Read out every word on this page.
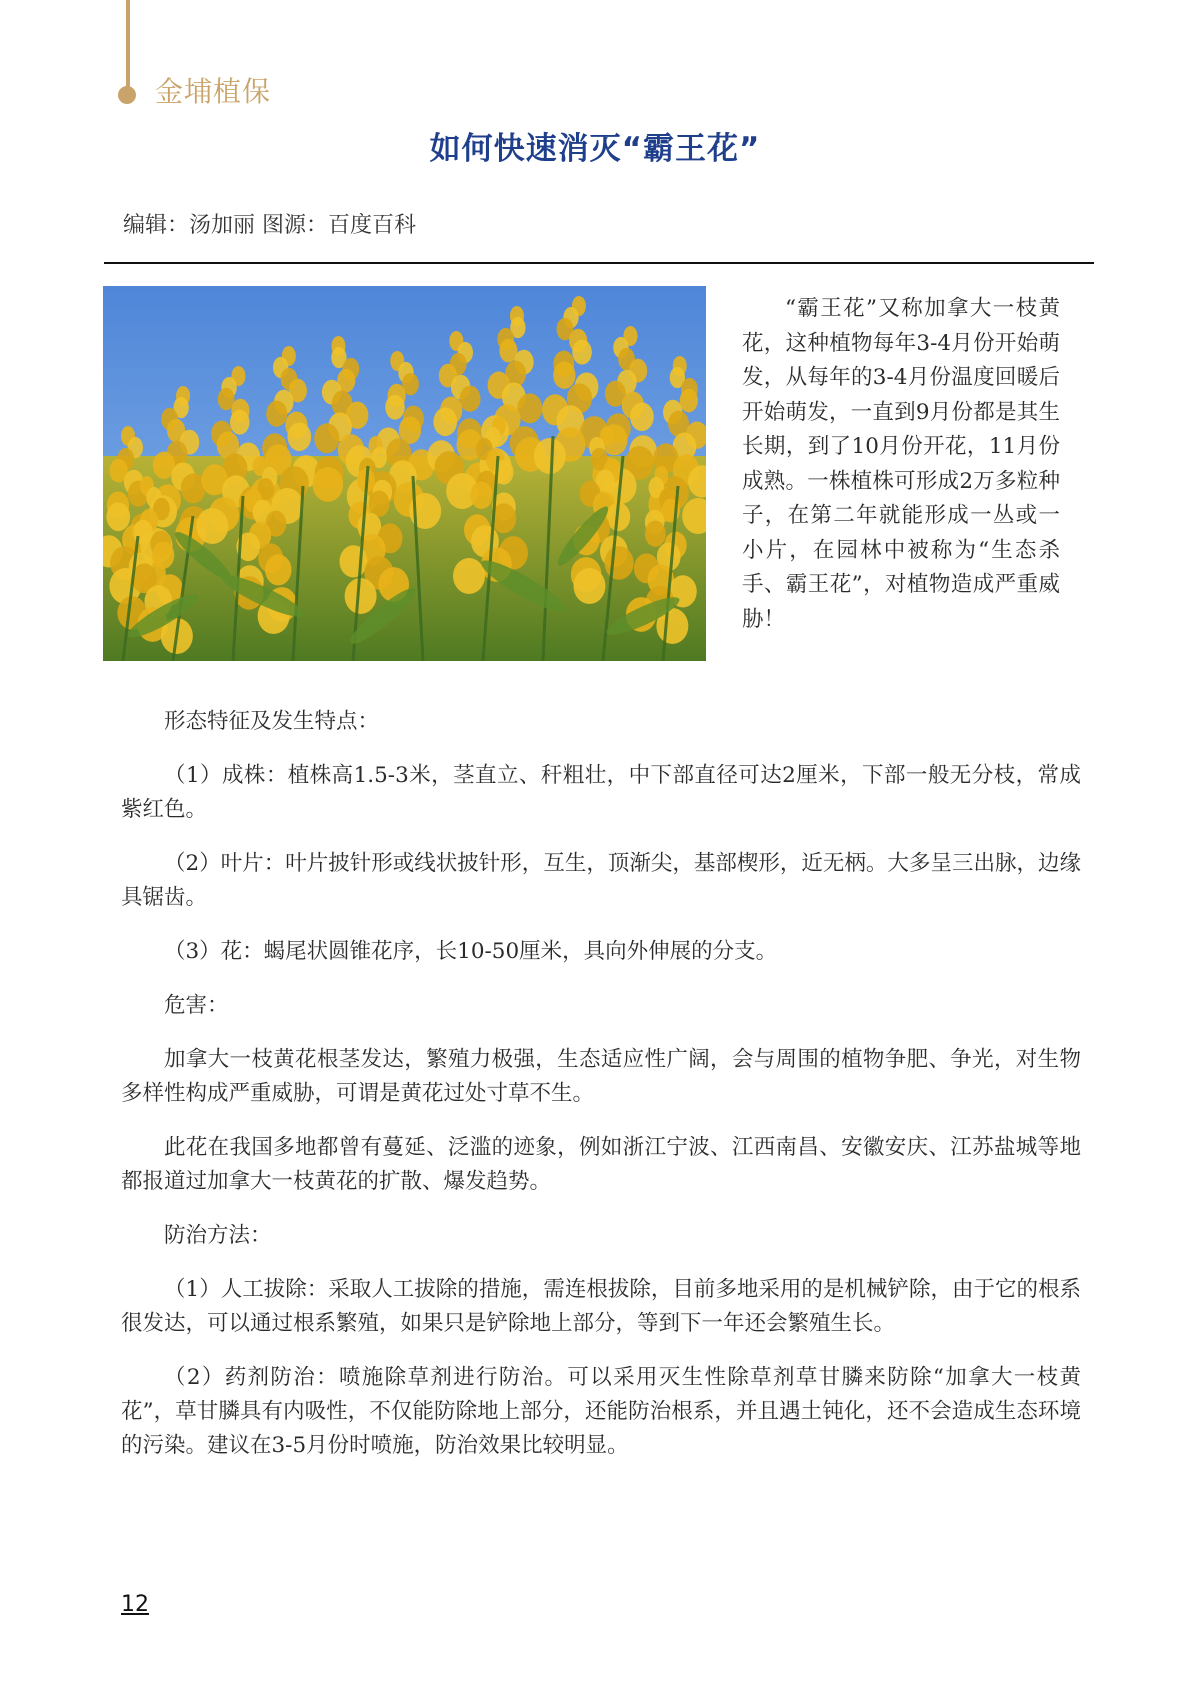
金埔植保
如何快速消灭“霸王花”
编辑：汤加丽 图源：百度百科

“霸王花”又称加拿大一枝黄花，这种植物每年3-4月份开始萌发，从每年的3-4月份温度回暖后开始萌发，一直到9月份都是其生长期，到了10月份开花，11月份成熟。一株植株可形成2万多粒种子，在第二年就能形成一丛或一小片，在园林中被称为“生态杀手、霸王花”，对植物造成严重威胁！

形态特征及发生特点：

（1）成株：植株高1.5-3米，茎直立、秆粗壮，中下部直径可达2厘米，下部一般无分枝，常成紫红色。

（2）叶片：叶片披针形或线状披针形，互生，顶渐尖，基部楔形，近无柄。大多呈三出脉，边缘具锯齿。

（3）花：蝎尾状圆锥花序，长10-50厘米，具向外伸展的分支。

危害：

加拿大一枝黄花根茎发达，繁殖力极强，生态适应性广阔，会与周围的植物争肥、争光，对生物多样性构成严重威胁，可谓是黄花过处寸草不生。

此花在我国多地都曾有蔓延、泛滥的迹象，例如浙江宁波、江西南昌、安徽安庆、江苏盐城等地都报道过加拿大一枝黄花的扩散、爆发趋势。

防治方法：

（1）人工拔除：采取人工拔除的措施，需连根拔除，目前多地采用的是机械铲除，由于它的根系很发达，可以通过根系繁殖，如果只是铲除地上部分，等到下一年还会繁殖生长。

（2）药剂防治：喷施除草剂进行防治。可以采用灭生性除草剂草甘膦来防除“加拿大一枝黄花”，草甘膦具有内吸性，不仅能防除地上部分，还能防治根系，并且遇土钝化，还不会造成生态环境的污染。建议在3-5月份时喷施，防治效果比较明显。

12
